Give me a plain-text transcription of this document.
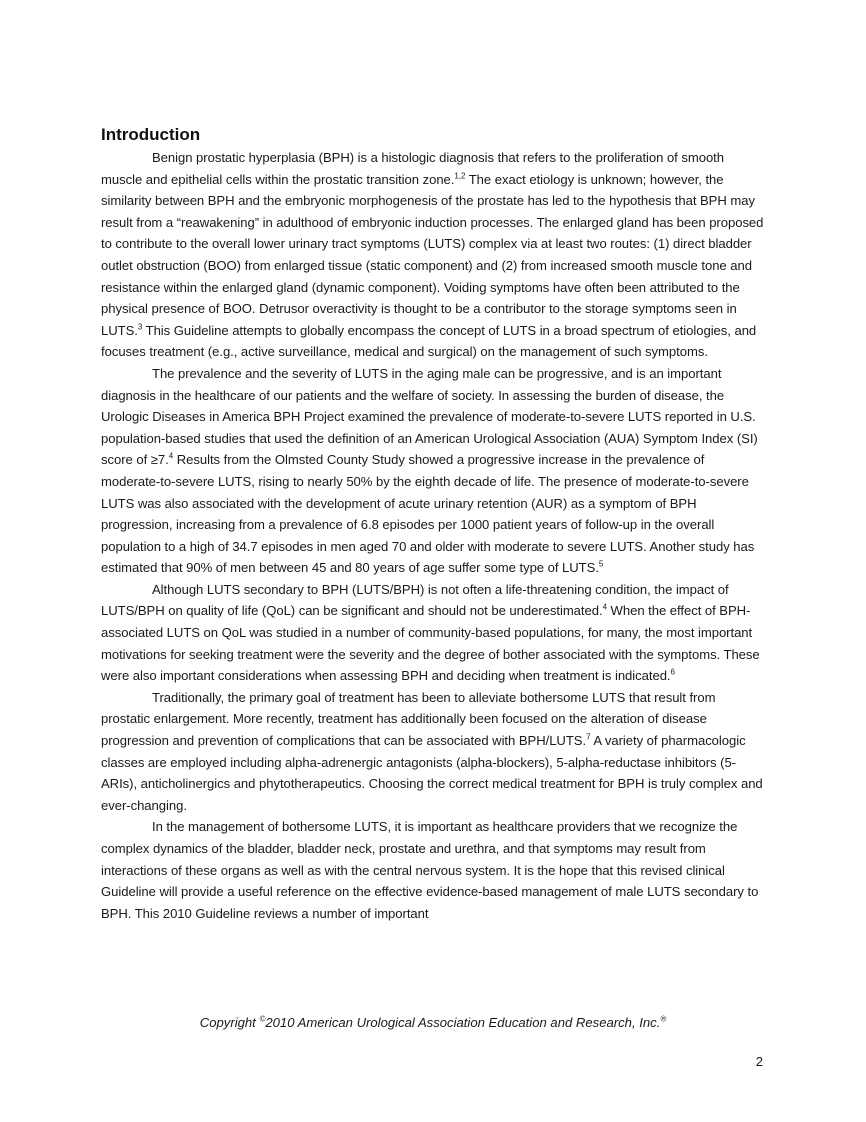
Introduction

Benign prostatic hyperplasia (BPH) is a histologic diagnosis that refers to the proliferation of smooth muscle and epithelial cells within the prostatic transition zone.$^{1,2}$ The exact etiology is unknown; however, the similarity between BPH and the embryonic morphogenesis of the prostate has led to the hypothesis that BPH may result from a “reawakening” in adulthood of embryonic induction processes. The enlarged gland has been proposed to contribute to the overall lower urinary tract symptoms (LUTS) complex via at least two routes: (1) direct bladder outlet obstruction (BOO) from enlarged tissue (static component) and (2) from increased smooth muscle tone and resistance within the enlarged gland (dynamic component). Voiding symptoms have often been attributed to the physical presence of BOO. Detrusor overactivity is thought to be a contributor to the storage symptoms seen in LUTS.$^3$ This Guideline attempts to globally encompass the concept of LUTS in a broad spectrum of etiologies, and focuses treatment (e.g., active surveillance, medical and surgical) on the management of such symptoms.

The prevalence and the severity of LUTS in the aging male can be progressive, and is an important diagnosis in the healthcare of our patients and the welfare of society. In assessing the burden of disease, the Urologic Diseases in America BPH Project examined the prevalence of moderate-to-severe LUTS reported in U.S. population-based studies that used the definition of an American Urological Association (AUA) Symptom Index (SI) score of ≥7.$^4$ Results from the Olmsted County Study showed a progressive increase in the prevalence of moderate-to-severe LUTS, rising to nearly 50% by the eighth decade of life. The presence of moderate-to-severe LUTS was also associated with the development of acute urinary retention (AUR) as a symptom of BPH progression, increasing from a prevalence of 6.8 episodes per 1000 patient years of follow-up in the overall population to a high of 34.7 episodes in men aged 70 and older with moderate to severe LUTS. Another study has estimated that 90% of men between 45 and 80 years of age suffer some type of LUTS.$^5$

Although LUTS secondary to BPH (LUTS/BPH) is not often a life-threatening condition, the impact of LUTS/BPH on quality of life (QoL) can be significant and should not be underestimated.$^4$ When the effect of BPH-associated LUTS on QoL was studied in a number of community-based populations, for many, the most important motivations for seeking treatment were the severity and the degree of bother associated with the symptoms. These were also important considerations when assessing BPH and deciding when treatment is indicated.$^6$

Traditionally, the primary goal of treatment has been to alleviate bothersome LUTS that result from prostatic enlargement. More recently, treatment has additionally been focused on the alteration of disease progression and prevention of complications that can be associated with BPH/LUTS.$^7$ A variety of pharmacologic classes are employed including alpha-adrenergic antagonists (alpha-blockers), 5-alpha-reductase inhibitors (5-ARIs), anticholinergics and phytotherapeutics. Choosing the correct medical treatment for BPH is truly complex and ever-changing.

In the management of bothersome LUTS, it is important as healthcare providers that we recognize the complex dynamics of the bladder, bladder neck, prostate and urethra, and that symptoms may result from interactions of these organs as well as with the central nervous system. It is the hope that this revised clinical Guideline will provide a useful reference on the effective evidence-based management of male LUTS secondary to BPH. This 2010 Guideline reviews a number of important

Copyright ©2010 American Urological Association Education and Research, Inc.®
2
